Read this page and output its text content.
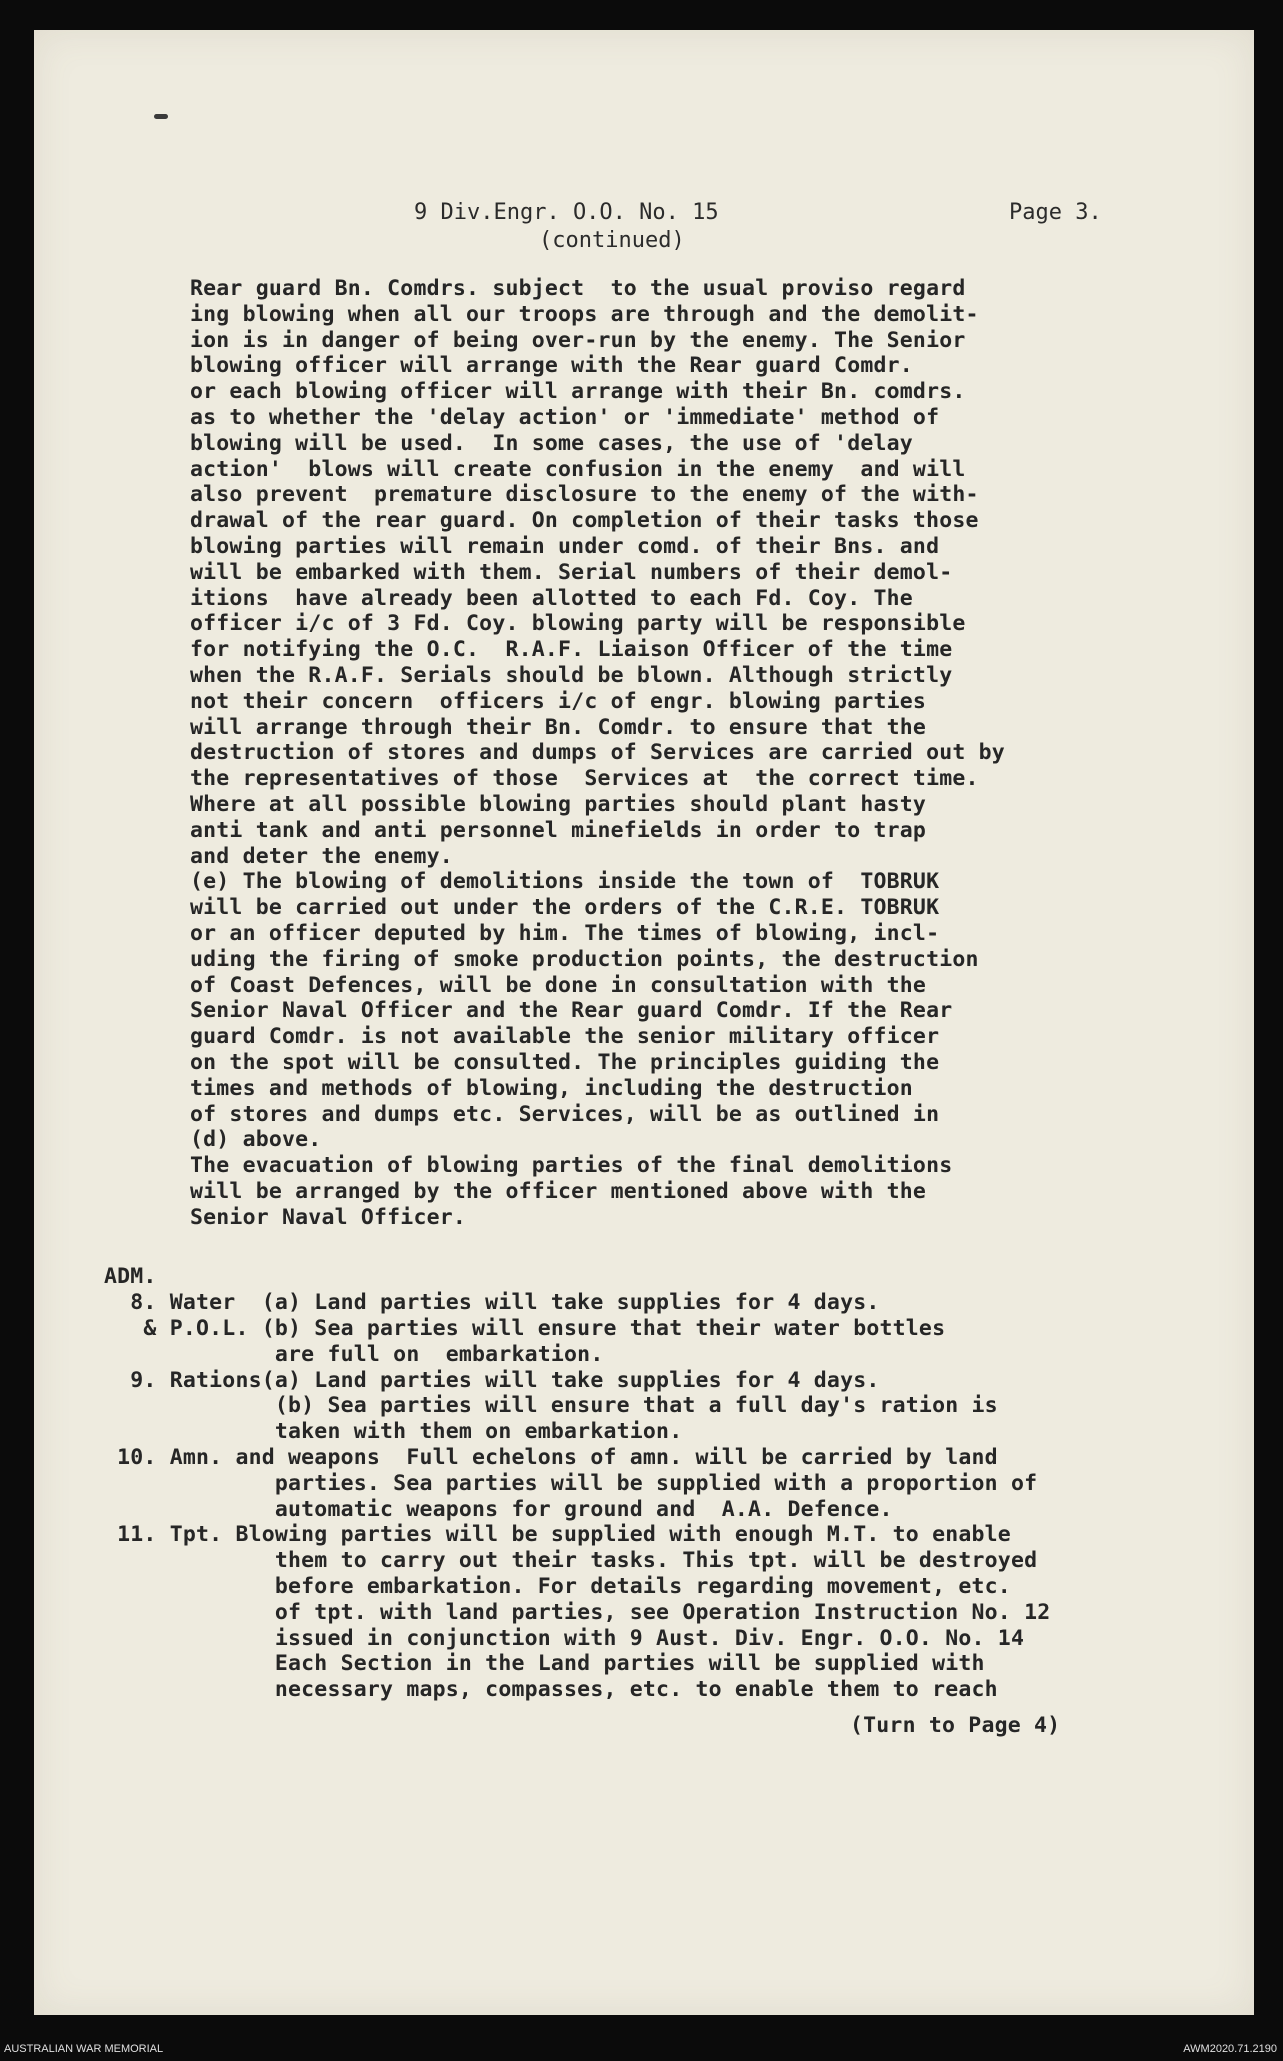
9 Div.Engr. O.O. No. 15
(continued)
Page 3.
Rear guard Bn. Comdrs. subject  to the usual proviso regard
ing blowing when all our troops are through and the demolit-
ion is in danger of being over-run by the enemy. The Senior
blowing officer will arrange with the Rear guard Comdr.
or each blowing officer will arrange with their Bn. comdrs.
as to whether the 'delay action' or 'immediate' method of
blowing will be used.  In some cases, the use of 'delay
action'  blows will create confusion in the enemy  and will
also prevent  premature disclosure to the enemy of the with-
drawal of the rear guard. On completion of their tasks those
blowing parties will remain under comd. of their Bns. and
will be embarked with them. Serial numbers of their demol-
itions  have already been allotted to each Fd. Coy. The
officer i/c of 3 Fd. Coy. blowing party will be responsible
for notifying the O.C.  R.A.F. Liaison Officer of the time
when the R.A.F. Serials should be blown. Although strictly
not their concern  officers i/c of engr. blowing parties
will arrange through their Bn. Comdr. to ensure that the
destruction of stores and dumps of Services are carried out by
the representatives of those  Services at  the correct time.
Where at all possible blowing parties should plant hasty
anti tank and anti personnel minefields in order to trap
and deter the enemy.
(e) The blowing of demolitions inside the town of  TOBRUK
will be carried out under the orders of the C.R.E. TOBRUK
or an officer deputed by him. The times of blowing, incl-
uding the firing of smoke production points, the destruction
of Coast Defences, will be done in consultation with the
Senior Naval Officer and the Rear guard Comdr. If the Rear
guard Comdr. is not available the senior military officer
on the spot will be consulted. The principles guiding the
times and methods of blowing, including the destruction
of stores and dumps etc. Services, will be as outlined in
(d) above.
The evacuation of blowing parties of the final demolitions
will be arranged by the officer mentioned above with the
Senior Naval Officer.
ADM.
8. Water  (a) Land parties will take supplies for 4 days.
& P.O.L. (b) Sea parties will ensure that their water bottles
are full on  embarkation.
9. Rations(a) Land parties will take supplies for 4 days.
(b) Sea parties will ensure that a full day's ration is
taken with them on embarkation.
10. Amn. and weapons  Full echelons of amn. will be carried by land
parties. Sea parties will be supplied with a proportion of
automatic weapons for ground and  A.A. Defence.
11. Tpt. Blowing parties will be supplied with enough M.T. to enable
them to carry out their tasks. This tpt. will be destroyed
before embarkation. For details regarding movement, etc.
of tpt. with land parties, see Operation Instruction No. 12
issued in conjunction with 9 Aust. Div. Engr. O.O. No. 14
Each Section in the Land parties will be supplied with
necessary maps, compasses, etc. to enable them to reach
(Turn to Page 4)
AUSTRALIAN WAR MEMORIAL	AWM2020.71.2190
